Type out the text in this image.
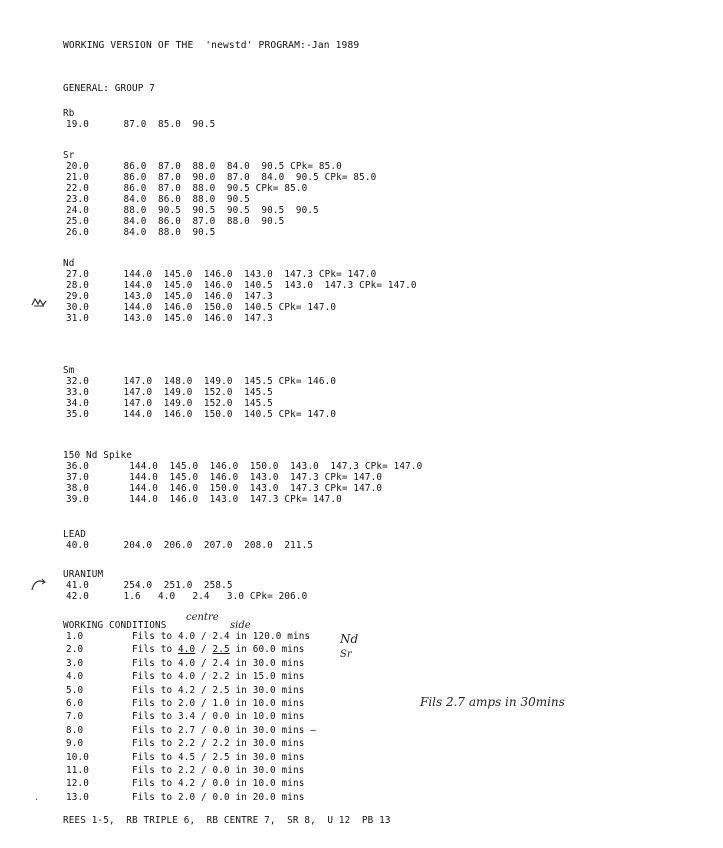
WORKING VERSION OF THE  'newstd' PROGRAM:-Jan 1989
GENERAL: GROUP 7
Rb
19.0      87.0  85.0  90.5
Sr
20.0      86.0  87.0  88.0  84.0  90.5 CPk= 85.0
21.0      86.0  87.0  90.0  87.0  84.0  90.5 CPk= 85.0
22.0      86.0  87.0  88.0  90.5 CPk= 85.0
23.0      84.0  86.0  88.0  90.5
24.0      88.0  90.5  90.5  90.5  90.5  90.5
25.0      84.0  86.0  87.0  88.0  90.5
26.0      84.0  88.0  90.5
Nd
27.0      144.0  145.0  146.0  143.0  147.3 CPk= 147.0
28.0      144.0  145.0  146.0  140.5  143.0  147.3 CPk= 147.0
29.0      143.0  145.0  146.0  147.3
30.0      144.0  146.0  150.0  140.5 CPk= 147.0
31.0      143.0  145.0  146.0  147.3
Sm
32.0      147.0  148.0  149.0  145.5 CPk= 146.0
33.0      147.0  149.0  152.0  145.5
34.0      147.0  149.0  152.0  145.5
35.0      144.0  146.0  150.0  140.5 CPk= 147.0
150 Nd Spike
36.0       144.0  145.0  146.0  150.0  143.0  147.3 CPk= 147.0
37.0       144.0  145.0  146.0  143.0  147.3 CPk= 147.0
38.0       144.0  146.0  150.0  143.0  147.3 CPk= 147.0
39.0       144.0  146.0  143.0  147.3 CPk= 147.0
LEAD
40.0      204.0  206.0  207.0  208.0  211.5
URANIUM
41.0      254.0  251.0  258.5
42.0      1.6   4.0   2.4   3.0 CPk= 206.0
WORKING CONDITIONS
1.0	Fils to 4.0 / 2.4 in 120.0 mins
2.0	Fils to 4.0 / 2.5 in 60.0 mins
3.0	Fils to 4.0 / 2.4 in 30.0 mins
4.0	Fils to 4.0 / 2.2 in 15.0 mins
5.0	Fils to 4.2 / 2.5 in 30.0 mins
6.0	Fils to 2.0 / 1.0 in 10.0 mins
7.0	Fils to 3.4 / 0.0 in 10.0 mins
8.0	Fils to 2.7 / 0.0 in 30.0 mins —
9.0	Fils to 2.2 / 2.2 in 30.0 mins
10.0	Fils to 4.5 / 2.5 in 30.0 mins
11.0	Fils to 2.2 / 0.0 in 30.0 mins
12.0	Fils to 4.2 / 0.0 in 10.0 mins
13.0	Fils to 2.0 / 0.0 in 20.0 mins
REES 1-5,  RB TRIPLE 6,  RB CENTRE 7,  SR 8,  U 12  PB 13
centre
side
Nd
Sr
Fils 2.7 amps in 30mins
·
